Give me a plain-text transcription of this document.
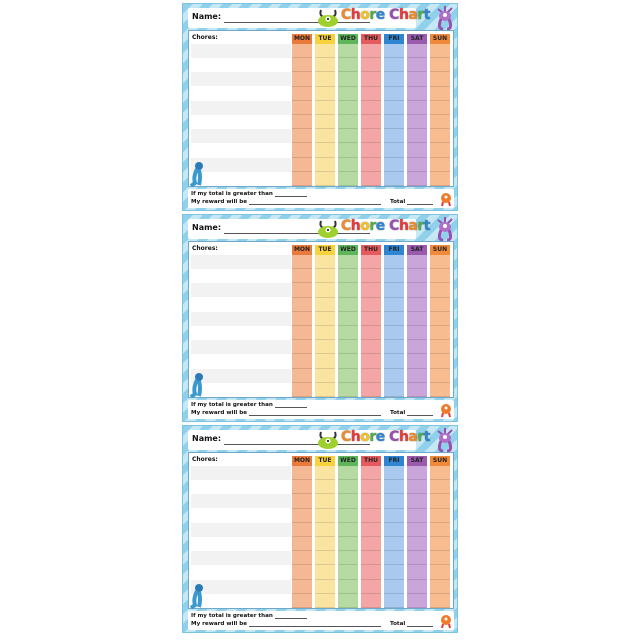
Name:	Chore Chart
Chores:	MON	TUE	WED	THU	FRI	SAT	SUN
If my total is greater than
My reward will be	Total
Name:	Chore Chart
Chores:	MON	TUE	WED	THU	FRI	SAT	SUN
If my total is greater than
My reward will be	Total
Name:	Chore Chart
Chores:	MON	TUE	WED	THU	FRI	SAT	SUN
If my total is greater than
My reward will be	Total
